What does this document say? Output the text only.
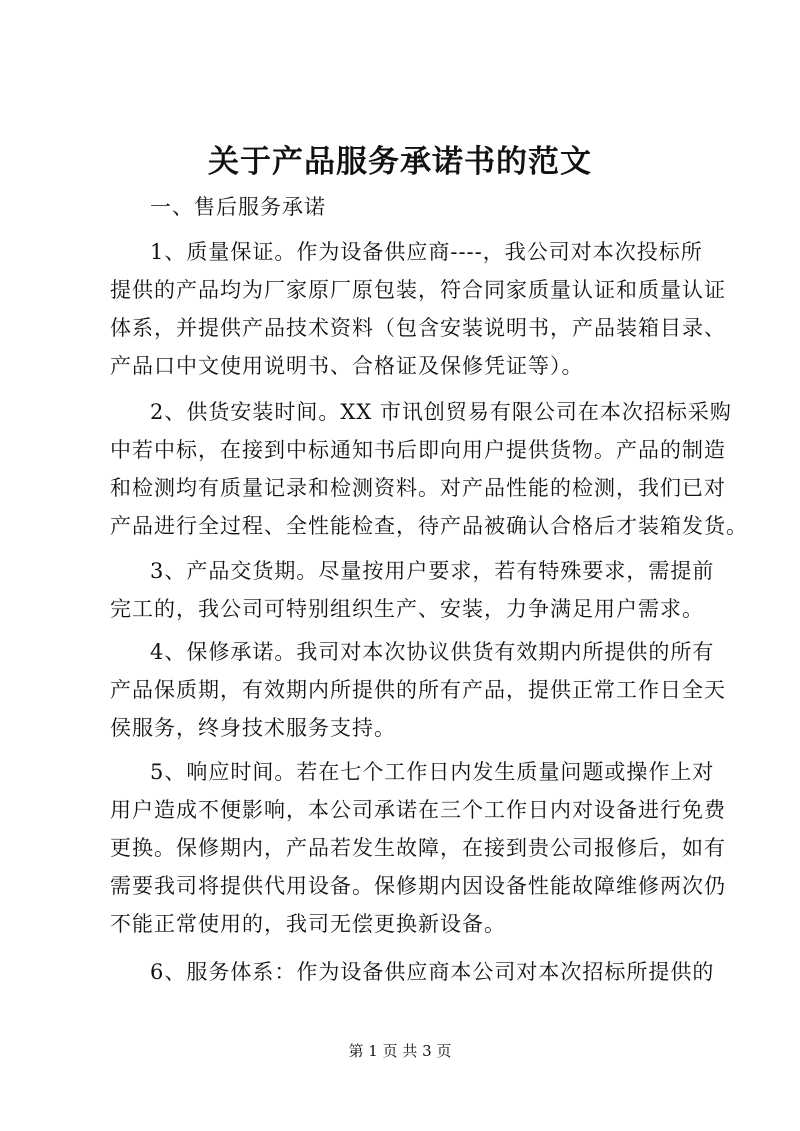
关于产品服务承诺书的范文
一、售后服务承诺
1、质量保证。作为设备供应商----，我公司对本次投标所
提供的产品均为厂家原厂原包装，符合同家质量认证和质量认证
体系，并提供产品技术资料（包含安装说明书，产品装箱目录、
产品口中文使用说明书、合格证及保修凭证等）。
2、供货安装时间。XX 市讯创贸易有限公司在本次招标采购
中若中标，在接到中标通知书后即向用户提供货物。产品的制造
和检测均有质量记录和检测资料。对产品性能的检测，我们已对
产品进行全过程、全性能检查，待产品被确认合格后才装箱发货。
3、产品交货期。尽量按用户要求，若有特殊要求，需提前
完工的，我公司可特别组织生产、安装，力争满足用户需求。
4、保修承诺。我司对本次协议供货有效期内所提供的所有
产品保质期，有效期内所提供的所有产品，提供正常工作日全天
侯服务，终身技术服务支持。
5、响应时间。若在七个工作日内发生质量问题或操作上对
用户造成不便影响，本公司承诺在三个工作日内对设备进行免费
更换。保修期内，产品若发生故障，在接到贵公司报修后，如有
需要我司将提供代用设备。保修期内因设备性能故障维修两次仍
不能正常使用的，我司无偿更换新设备。
6、服务体系：作为设备供应商本公司对本次招标所提供的
第 1 页 共 3 页
